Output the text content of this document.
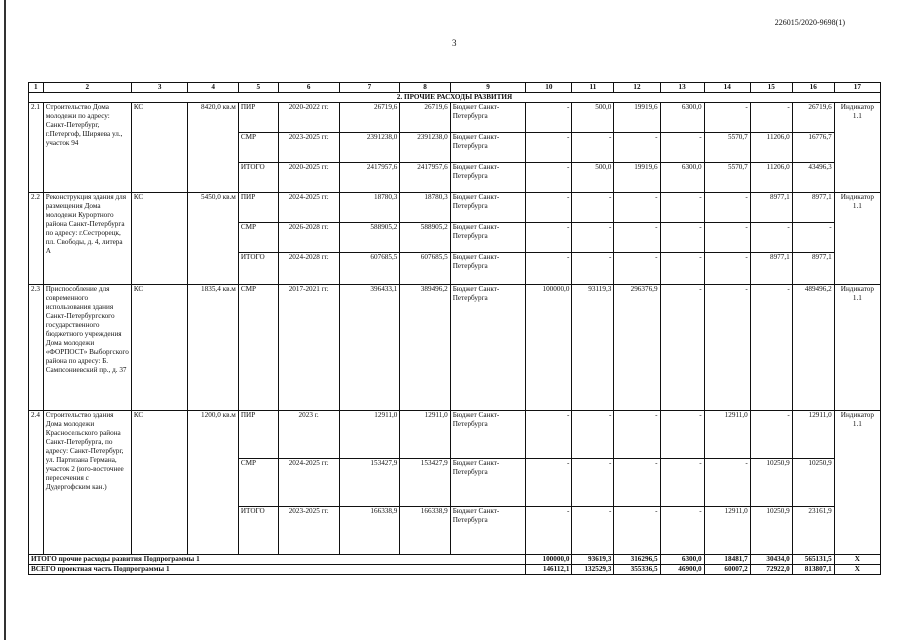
226015/2020-9698(1)
3
1	2	3	4	5	6	7	8	9	10	11	12	13	14	15	16	17
2. ПРОЧИЕ РАСХОДЫ РАЗВИТИЯ																
2.1	Строительство Дома молодежи по адресу: Санкт-Петербург, г.Петергоф, Ширяева ул., участок 94	КС	8420,0 кв.м	ПИР	2020-2022 гг.	26719,6	26719,6	Бюджет Санкт-Петербурга	-	500,0	19919,6	6300,0	-	-	26719,6	Индикатор 1.1
				СМР	2023-2025 гг.	2391238,0	2391238,0	Бюджет Санкт-Петербурга	-	-	-	-	5570,7	11206,0	16776,7	
				ИТОГО	2020-2025 гг.	2417957,6	2417957,6	Бюджет Санкт-Петербурга	-	500,0	19919,6	6300,0	5570,7	11206,0	43496,3	
2.2	Реконструкция здания для размещения Дома молодежи Курортного района Санкт-Петербурга по адресу: г.Сестрорецк, пл. Свободы, д. 4, литера А	КС	5450,0 кв.м	ПИР	2024-2025 гг.	18780,3	18780,3	Бюджет Санкт-Петербурга	-	-	-	-	-	8977,1	8977,1	Индикатор 1.1
				СМР	2026-2028 гг.	588905,2	588905,2	Бюджет Санкт-Петербурга	-	-	-	-	-	-	-	
				ИТОГО	2024-2028 гг.	607685,5	607685,5	Бюджет Санкт-Петербурга	-	-	-	-	-	8977,1	8977,1	
2.3	Приспособление для современного использования здания Санкт-Петербургского государственного бюджетного учреждения Дома молодежи «ФОРПОСТ» Выборгского района по адресу: Б. Сампсониевский пр., д. 37	КС	1835,4 кв.м	СМР	2017-2021 гг.	396433,1	389496,2	Бюджет Санкт-Петербурга	100000,0	93119,3	296376,9	-	-	-	489496,2	Индикатор 1.1
2.4	Строительство здания Дома молодежи Красносельского района Санкт-Петербурга, по адресу: Санкт-Петербург, ул. Партизана Германа, участок 2 (юго-восточнее пересечения с Дудергофским кан.)	КС	1200,0 кв.м	ПИР	2023 г.	12911,0	12911,0	Бюджет Санкт-Петербурга	-	-	-	-	12911,0	-	12911,0	Индикатор 1.1
				СМР	2024-2025 гг.	153427,9	153427,9	Бюджет Санкт-Петербурга	-	-	-	-	-	10250,9	10250,9	
				ИТОГО	2023-2025 гг.	166338,9	166338,9	Бюджет Санкт-Петербурга	-	-	-	-	12911,0	10250,9	23161,9	
ИТОГО прочие расходы развития Подпрограммы 1									100000,0	93619,3	316296,5	6300,0	18481,7	30434,0	565131,5	X
ВСЕГО проектная часть Подпрограммы 1									146112,1	132529,3	355336,5	46900,0	60007,2	72922,0	813807,1	X
